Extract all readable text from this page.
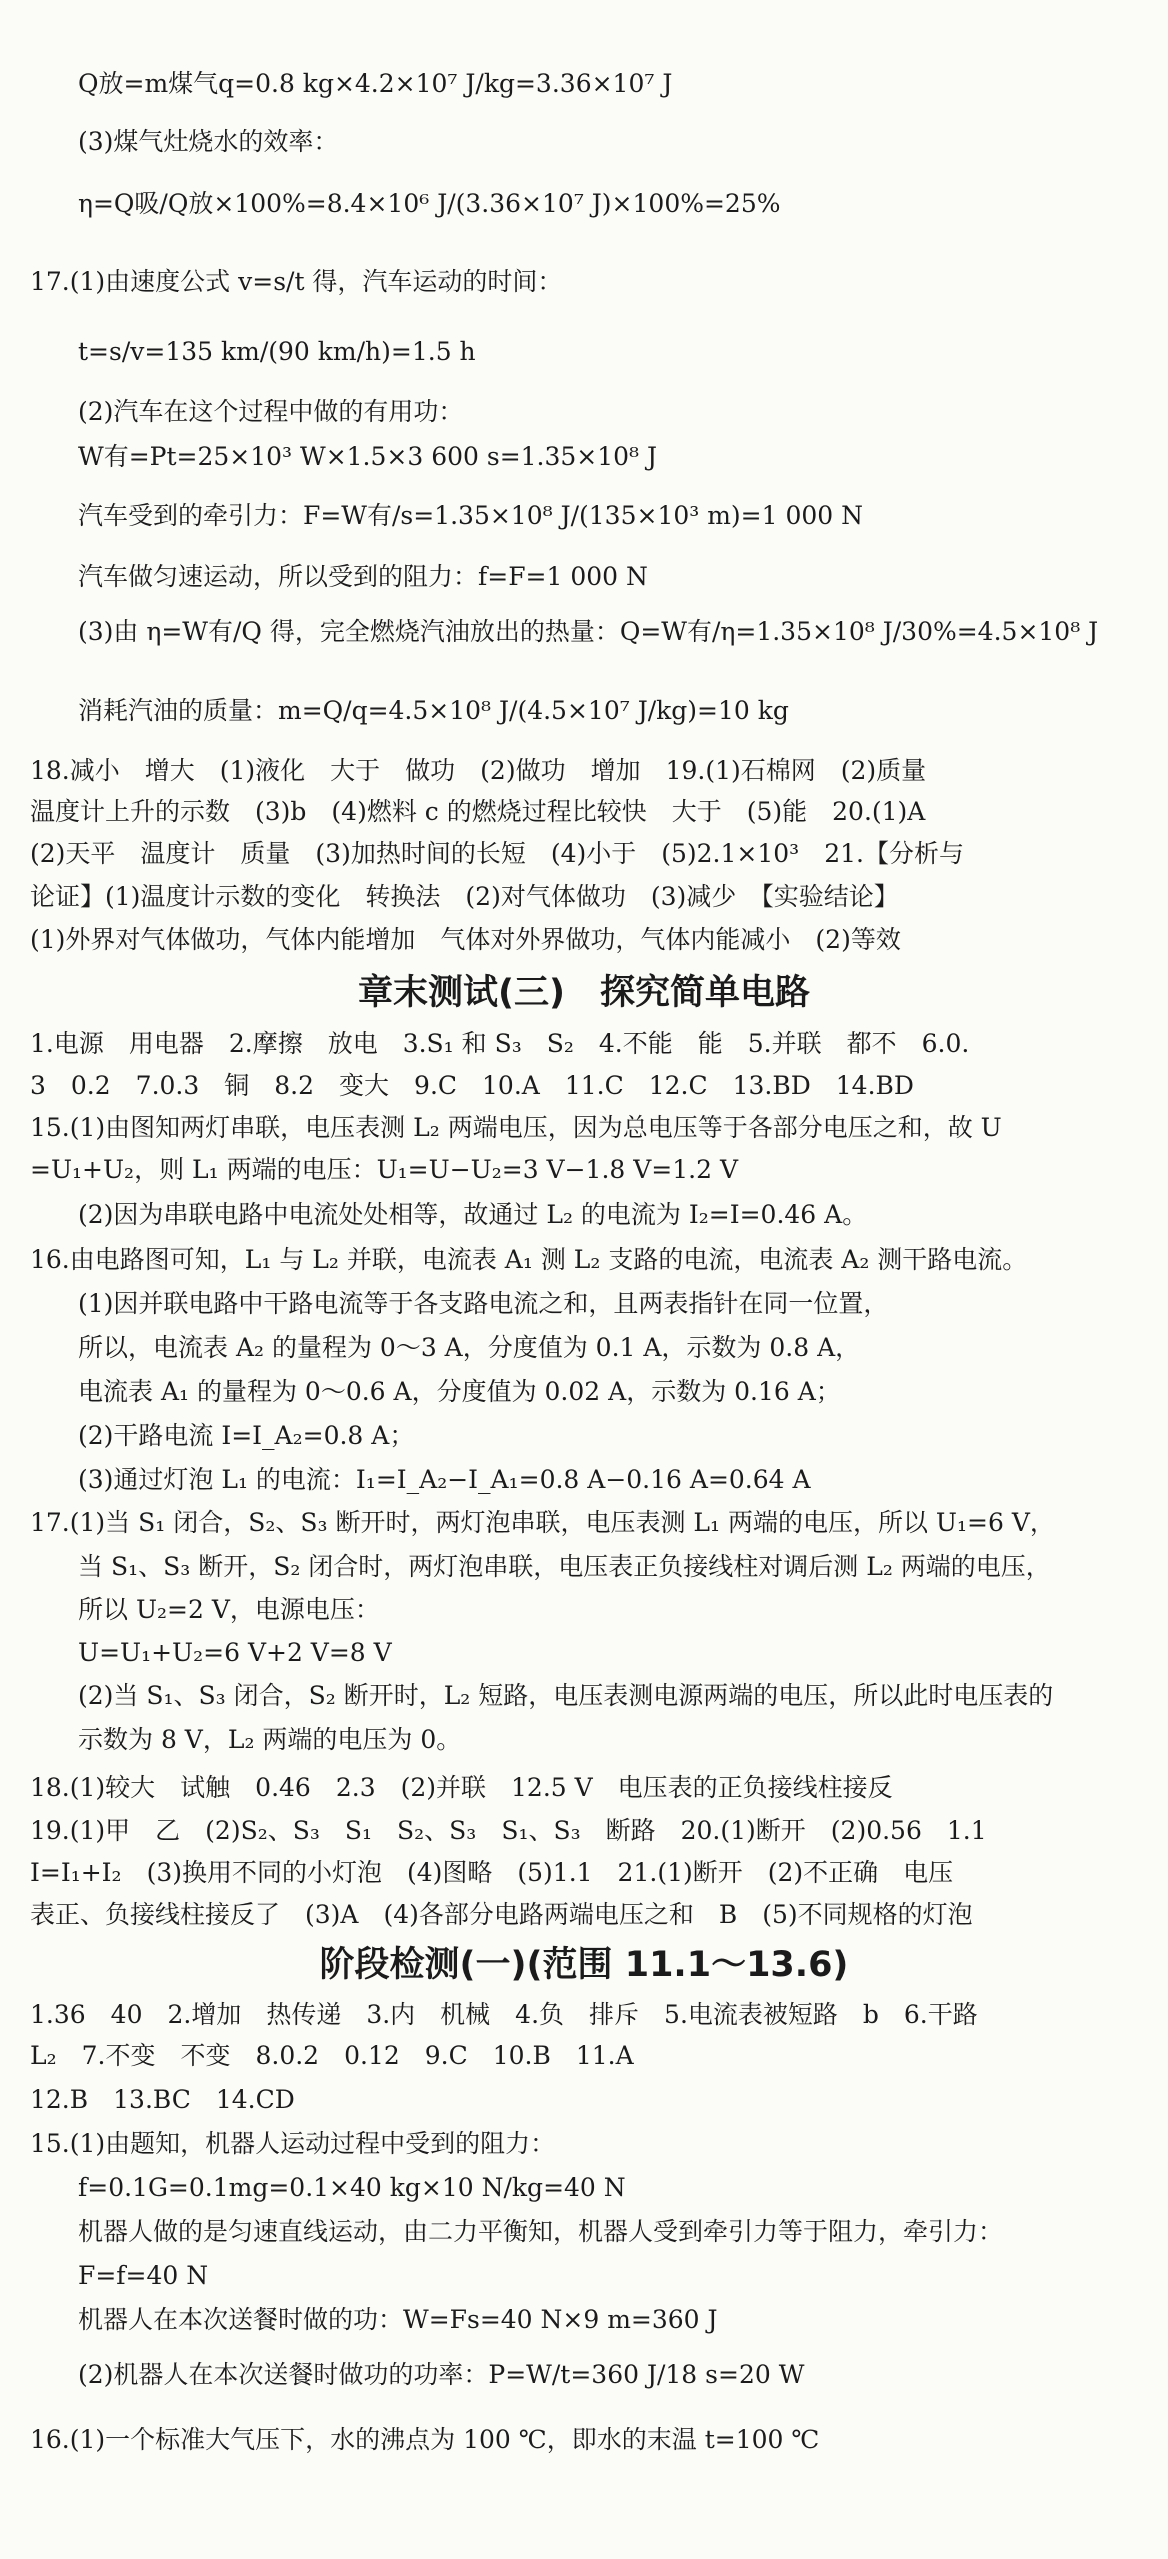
Q放=m煤气q=0.8 kg×4.2×10⁷ J/kg=3.36×10⁷ J
(3)煤气灶烧水的效率：
η=Q吸/Q放×100%=8.4×10⁶ J/(3.36×10⁷ J)×100%=25%
17.(1)由速度公式 v=s/t 得，汽车运动的时间：
t=s/v=135 km/(90 km/h)=1.5 h
(2)汽车在这个过程中做的有用功：
W有=Pt=25×10³ W×1.5×3 600 s=1.35×10⁸ J
汽车受到的牵引力：F=W有/s=1.35×10⁸ J/(135×10³ m)=1 000 N
汽车做匀速运动，所以受到的阻力：f=F=1 000 N
(3)由 η=W有/Q 得，完全燃烧汽油放出的热量：Q=W有/η=1.35×10⁸ J/30%=4.5×10⁸ J
消耗汽油的质量：m=Q/q=4.5×10⁸ J/(4.5×10⁷ J/kg)=10 kg
18.减小　增大　(1)液化　大于　做功　(2)做功　增加　19.(1)石棉网　(2)质量
温度计上升的示数　(3)b　(4)燃料 c 的燃烧过程比较快　大于　(5)能　20.(1)A
(2)天平　温度计　质量　(3)加热时间的长短　(4)小于　(5)2.1×10³　21.【分析与
论证】(1)温度计示数的变化　转换法　(2)对气体做功　(3)减少　【实验结论】
(1)外界对气体做功，气体内能增加　气体对外界做功，气体内能减小　(2)等效
章末测试(三)　探究简单电路
1.电源　用电器　2.摩擦　放电　3.S₁ 和 S₃　S₂　4.不能　能　5.并联　都不　6.0.
3　0.2　7.0.3　铜　8.2　变大　9.C　10.A　11.C　12.C　13.BD　14.BD
15.(1)由图知两灯串联，电压表测 L₂ 两端电压，因为总电压等于各部分电压之和，故 U
=U₁+U₂，则 L₁ 两端的电压：U₁=U−U₂=3 V−1.8 V=1.2 V
(2)因为串联电路中电流处处相等，故通过 L₂ 的电流为 I₂=I=0.46 A。
16.由电路图可知，L₁ 与 L₂ 并联，电流表 A₁ 测 L₂ 支路的电流，电流表 A₂ 测干路电流。
(1)因并联电路中干路电流等于各支路电流之和，且两表指针在同一位置，
所以，电流表 A₂ 的量程为 0～3 A，分度值为 0.1 A，示数为 0.8 A，
电流表 A₁ 的量程为 0～0.6 A，分度值为 0.02 A，示数为 0.16 A；
(2)干路电流 I=I_A₂=0.8 A；
(3)通过灯泡 L₁ 的电流：I₁=I_A₂−I_A₁=0.8 A−0.16 A=0.64 A
17.(1)当 S₁ 闭合，S₂、S₃ 断开时，两灯泡串联，电压表测 L₁ 两端的电压，所以 U₁=6 V，
当 S₁、S₃ 断开，S₂ 闭合时，两灯泡串联，电压表正负接线柱对调后测 L₂ 两端的电压，
所以 U₂=2 V，电源电压：
U=U₁+U₂=6 V+2 V=8 V
(2)当 S₁、S₃ 闭合，S₂ 断开时，L₂ 短路，电压表测电源两端的电压，所以此时电压表的
示数为 8 V，L₂ 两端的电压为 0。
18.(1)较大　试触　0.46　2.3　(2)并联　12.5 V　电压表的正负接线柱接反
19.(1)甲　乙　(2)S₂、S₃　S₁　S₂、S₃　S₁、S₃　断路　20.(1)断开　(2)0.56　1.1
I=I₁+I₂　(3)换用不同的小灯泡　(4)图略　(5)1.1　21.(1)断开　(2)不正确　电压
表正、负接线柱接反了　(3)A　(4)各部分电路两端电压之和　B　(5)不同规格的灯泡
阶段检测(一)(范围 11.1～13.6)
1.36　40　2.增加　热传递　3.内　机械　4.负　排斥　5.电流表被短路　b　6.干路
L₂　7.不变　不变　8.0.2　0.12　9.C　10.B　11.A
12.B　13.BC　14.CD
15.(1)由题知，机器人运动过程中受到的阻力：
f=0.1G=0.1mg=0.1×40 kg×10 N/kg=40 N
机器人做的是匀速直线运动，由二力平衡知，机器人受到牵引力等于阻力，牵引力：
F=f=40 N
机器人在本次送餐时做的功：W=Fs=40 N×9 m=360 J
(2)机器人在本次送餐时做功的功率：P=W/t=360 J/18 s=20 W
16.(1)一个标准大气压下，水的沸点为 100 ℃，即水的末温 t=100 ℃
